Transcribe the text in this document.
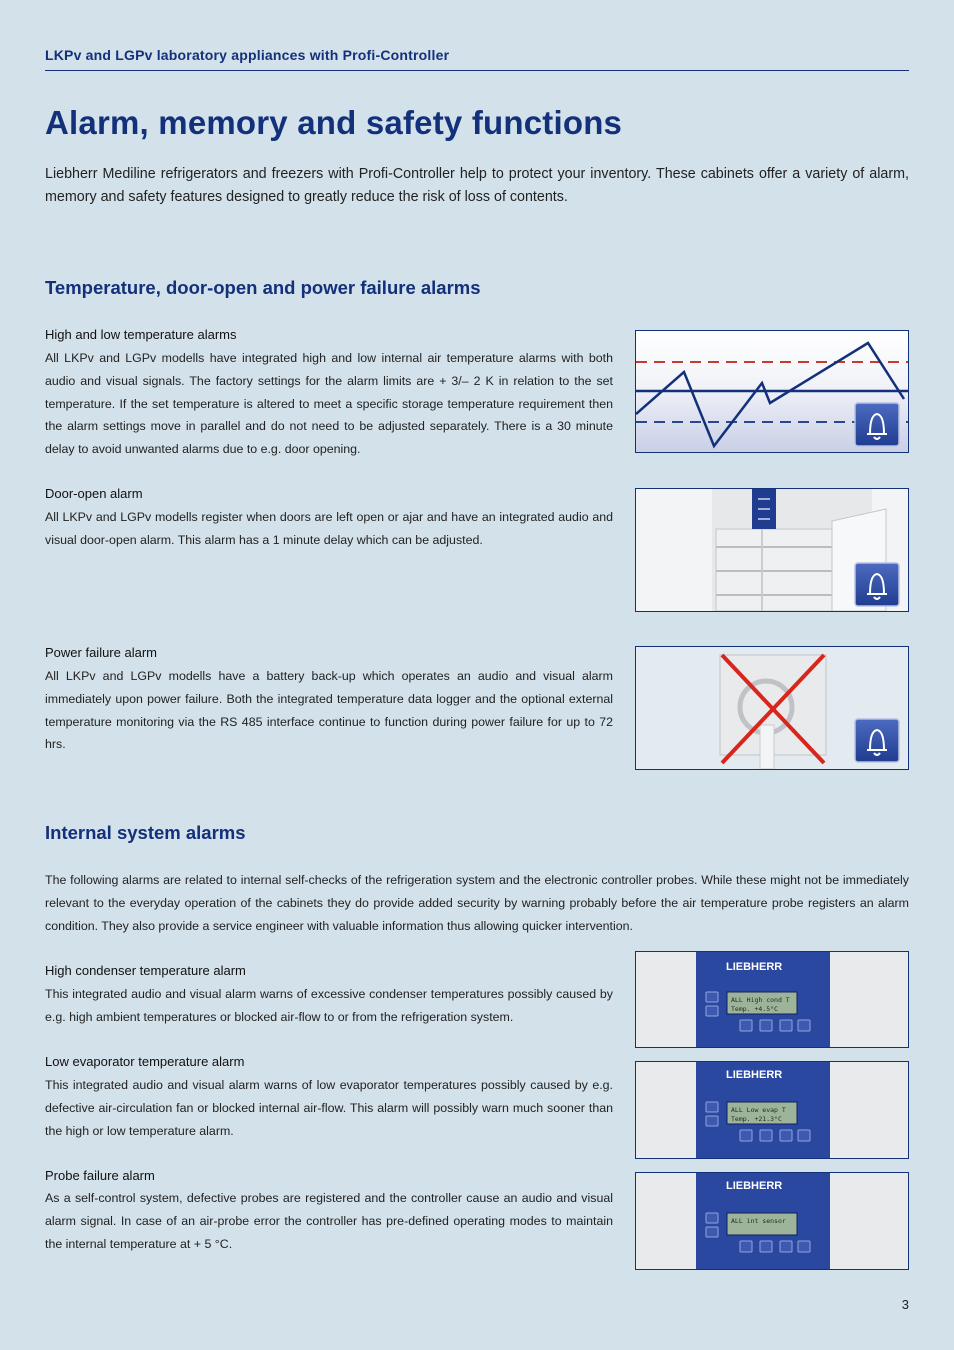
LKPv and LGPv laboratory appliances with Profi-Controller
Alarm, memory and safety functions

Liebherr Mediline refrigerators and freezers with Profi-Controller help to protect your inventory. These cabinets offer a variety of alarm, memory and safety features designed to greatly reduce the risk of loss of contents.

Temperature, door-open and power failure alarms
High and low temperature alarms

All LKPv and LGPv modells have integrated high and low internal air temperature alarms with both audio and visual signals. The factory settings for the alarm limits are + 3/– 2 K in relation to the set temperature. If the set temperature is altered to meet a specific storage temperature requirement then the alarm settings move in parallel and do not need to be adjusted separately. There is a 30 minute delay to avoid unwanted alarms due to e.g. door opening.

Door-open alarm

All LKPv and LGPv modells register when doors are left open or ajar and have an integrated audio and visual door-open alarm. This alarm has a 1 minute delay which can be adjusted.

Power failure alarm

All LKPv and LGPv modells have a battery back-up which operates an audio and visual alarm immediately upon power failure. Both the integrated temperature data logger and the optional external temperature monitoring via the RS 485 interface continue to function during power failure for up to 72 hrs.

Internal system alarms

The following alarms are related to internal self-checks of the refrigeration system and the electronic controller probes. While these might not be immediately relevant to the everyday operation of the cabinets they do provide added security by warning probably before the air temperature probe registers an alarm condition. They also provide a service engineer with valuable information thus allowing quicker intervention.

High condenser temperature alarm

This integrated audio and visual alarm warns of excessive condenser temperatures possibly caused by e.g. high ambient temperatures or blocked air-flow to or from the refrigeration system.

Low evaporator temperature alarm

This integrated audio and visual alarm warns of low evaporator temperatures possibly caused by e.g. defective air-circulation fan or blocked internal air-flow. This alarm will possibly warn much sooner than the high or low temperature alarm.

Probe failure alarm

As a self-control system, defective probes are registered and the controller cause an audio and visual alarm signal. In case of an air-probe error the controller has pre-defined operating modes to maintain the internal temperature at + 5 °C.

LIEBHERR
ALL High cond T
Temp. +4.5°C
LIEBHERR
ALL Low evap T
Temp. +21.3°C
LIEBHERR
ALL int sensor
3
